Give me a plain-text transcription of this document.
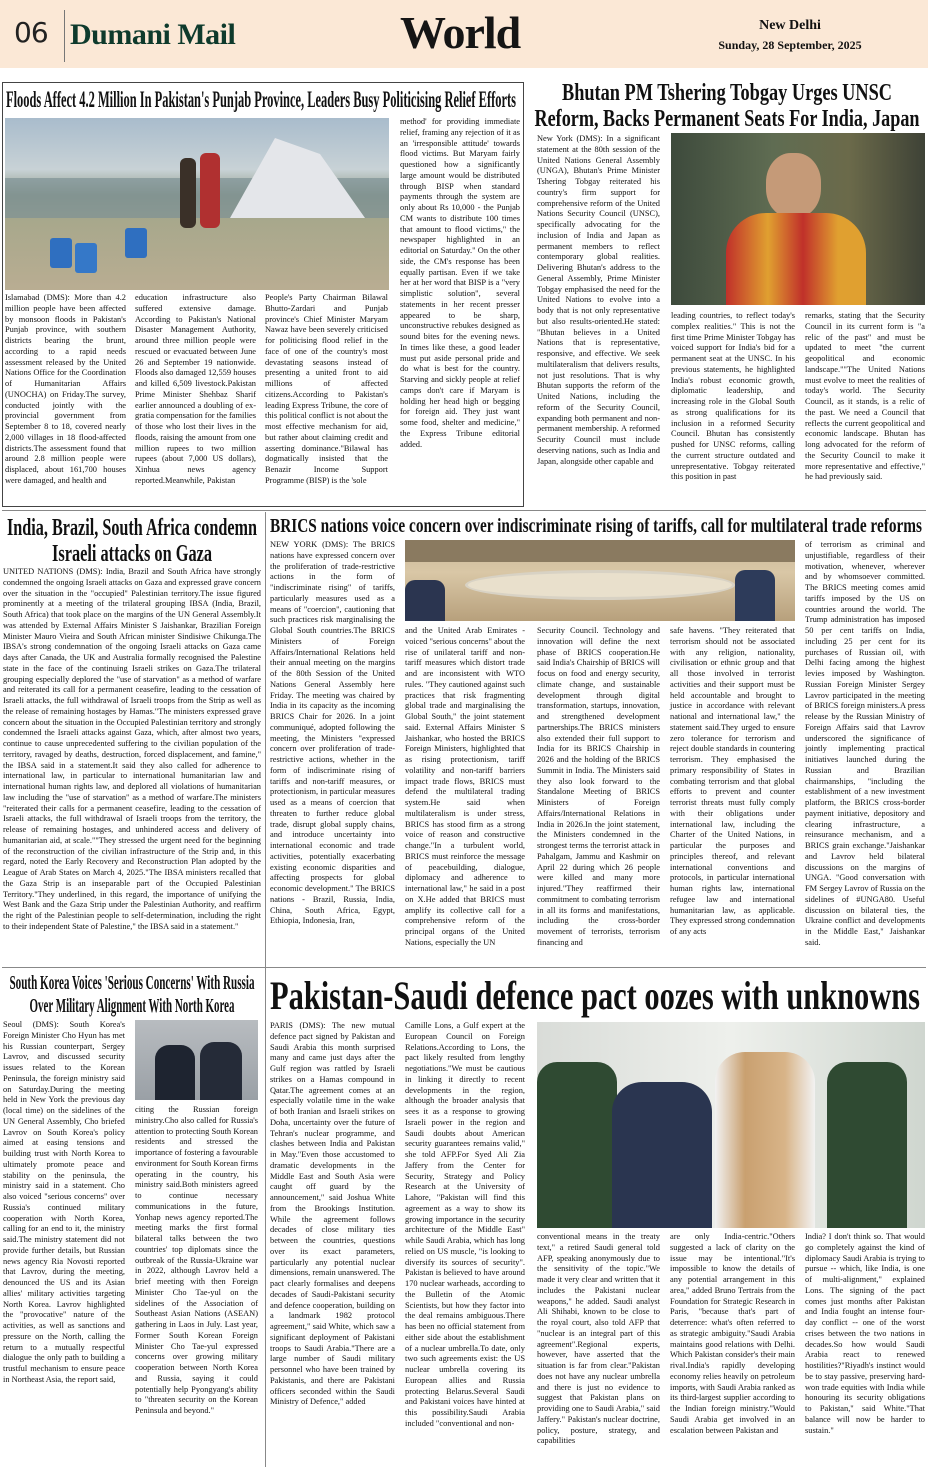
06 Dumani Mail	World	New Delhi
Sunday, 28 September, 2025
Floods Affect 4.2 Million In Pakistan's Punjab Province, Leaders Busy Politicising Relief Efforts
Islamabad (DMS): More than 4.2 million people have been affected by monsoon floods in Pakistan's Punjab province, with southern districts bearing the brunt, according to a rapid needs assessment released by the United Nations Office for the Coordination of Humanitarian Affairs (UNOCHA) on Friday.The survey, conducted jointly with the provincial government from September 8 to 18, covered nearly 2,000 villages in 18 flood-affected districts.The assessment found that around 2.8 million people were displaced, about 161,700 houses were damaged, and health and
education infrastructure also suffered extensive damage. According to Pakistan's National Disaster Management Authority, around three million people were rescued or evacuated between June 26 and September 19 nationwide. Floods also damaged 12,559 houses and killed 6,509 livestock.Pakistan Prime Minister Shehbaz Sharif earlier announced a doubling of ex-gratia compensation for the families of those who lost their lives in the floods, raising the amount from one million rupees to two million rupees (about 7,000 US dollars), Xinhua news agency reported.Meanwhile, Pakistan
People's Party Chairman Bilawal Bhutto-Zardari and Punjab province's Chief Minister Maryam Nawaz have been severely criticised for politicising flood relief in the face of one of the country's most devastating seasons instead of presenting a united front to aid millions of affected citizens.According to Pakistan's leading Express Tribune, the core of this political conflict is not about the most effective mechanism for aid, but rather about claiming credit and asserting dominance."Bilawal has dogmatically insisted that the Benazir Income Support Programme (BISP) is the 'sole
method' for providing immediate relief, framing any rejection of it as an 'irresponsible attitude' towards flood victims. But Maryam fairly questioned how a significantly large amount would be distributed through BISP when standard payments through the system are only about Rs 10,000 - the Punjab CM wants to distribute 100 times that amount to flood victims," the newspaper highlighted in an editorial on Saturday." On the other side, the CM's response has been equally partisan. Even if we take her at her word that BISP is a "very simplistic solution", several statements in her recent presser appeared to be sharp, unconstructive rebukes designed as sound bites for the evening news. In times like these, a good leader must put aside personal pride and do what is best for the country. Starving and sickly people at relief camps don't care if Maryam is holding her head high or begging for foreign aid. They just want some food, shelter and medicine," the Express Tribune editorial added.
Bhutan PM Tshering Tobgay Urges UNSC
Reform, Backs Permanent Seats For India, Japan
New York (DMS): In a significant statement at the 80th session of the United Nations General Assembly (UNGA), Bhutan's Prime Minister Tshering Tobgay reiterated his country's firm support for comprehensive reform of the United Nations Security Council (UNSC), specifically advocating for the inclusion of India and Japan as permanent members to reflect contemporary global realities. Delivering Bhutan's address to the General Assembly, Prime Minister Tobgay emphasised the need for the United Nations to evolve into a body that is not only representative but also results-oriented.He stated: "Bhutan believes in a United Nations that is representative, responsive, and effective. We seek multilateralism that delivers results, not just resolutions. That is why Bhutan supports the reform of the United Nations, including the reform of the Security Council, expanding both permanent and non-permanent membership. A reformed Security Council must include deserving nations, such as India and Japan, alongside other capable and
leading countries, to reflect today's complex realities." This is not the first time Prime Minister Tobgay has voiced support for India's bid for a permanent seat at the UNSC. In his previous statements, he highlighted India's robust economic growth, diplomatic leadership, and increasing role in the Global South as strong qualifications for its inclusion in a reformed Security Council. Bhutan has consistently pushed for UNSC reforms, calling the current structure outdated and unrepresentative. Tobgay reiterated this position in past
remarks, stating that the Security Council in its current form is "a relic of the past" and must be updated to meet "the current geopolitical and economic landscape.""The United Nations must evolve to meet the realities of today's world. The Security Council, as it stands, is a relic of the past. We need a Council that reflects the current geopolitical and economic landscape. Bhutan has long advocated for the reform of the Security Council to make it more representative and effective," he had previously said.
India, Brazil, South Africa condemn
Israeli attacks on Gaza
UNITED NATIONS (DMS): India, Brazil and South Africa have strongly condemned the ongoing Israeli attacks on Gaza and expressed grave concern over the situation in the "occupied" Palestinian territory.The issue figured prominently at a meeting of the trilateral grouping IBSA (India, Brazil, South Africa) that took place on the margins of the UN General Assembly.It was attended by External Affairs Minister S Jaishankar, Brazilian Foreign Minister Mauro Vieira and South African minister Sindisiwe Chikunga.The IBSA's strong condemnation of the ongoing Israeli attacks on Gaza came days after Canada, the UK and Australia formally recognised the Palestine state in the face of the continuing Israeli strikes on Gaza.The trilateral grouping especially deplored the "use of starvation" as a method of warfare and reiterated its call for a permanent ceasefire, leading to the cessation of Israeli attacks, the full withdrawal of Israeli troops from the Strip as well as the release of remaining hostages by Hamas."The ministers expressed grave concern about the situation in the Occupied Palestinian territory and strongly condemned the Israeli attacks against Gaza, which, after almost two years, continue to cause unprecedented suffering to the civilian population of the territory, ravaged by deaths, destruction, forced displacement, and famine," the IBSA said in a statement.It said they also called for adherence to international law, in particular to international humanitarian law and international human rights law, and deplored all violations of humanitarian law including the "use of starvation" as a method of warfare.The ministers "reiterated their calls for a permanent ceasefire, leading to the cessation of Israeli attacks, the full withdrawal of Israeli troops from the territory, the release of remaining hostages, and unhindered access and delivery of humanitarian aid, at scale.""They stressed the urgent need for the beginning of the reconstruction of the civilian infrastructure of the Strip and, in this regard, noted the Early Recovery and Reconstruction Plan adopted by the League of Arab States on March 4, 2025."The IBSA ministers recalled that the Gaza Strip is an inseparable part of the Occupied Palestinian Territory."They underlined, in this regard, the importance of unifying the West Bank and the Gaza Strip under the Palestinian Authority, and reaffirm the right of the Palestinian people to self-determination, including the right to their independent State of Palestine," the IBSA said in a statement."
BRICS nations voice concern over indiscriminate rising of tariffs, call for multilateral trade reforms
NEW YORK (DMS): The BRICS nations have expressed concern over the proliferation of trade-restrictive actions in the form of "indiscriminate rising" of tariffs, particularly measures used as a means of "coercion", cautioning that such practices risk marginalising the Global South countries.The BRICS Ministers of Foreign Affairs/International Relations held their annual meeting on the margins of the 80th Session of the United Nations General Assembly here Friday. The meeting was chaired by India in its capacity as the incoming BRICS Chair for 2026. In a joint communiqué, adopted following the meeting, the Ministers "expressed concern over proliferation of trade-restrictive actions, whether in the form of indiscriminate rising of tariffs and non-tariff measures, or protectionism, in particular measures used as a means of coercion that threaten to further reduce global trade, disrupt global supply chains, and introduce uncertainty into international economic and trade activities, potentially exacerbating existing economic disparities and affecting prospects for global economic development." The BRICS nations - Brazil, Russia, India, China, South Africa, Egypt, Ethiopia, Indonesia, Iran,
and the United Arab Emirates - voiced "serious concerns" about the rise of unilateral tariff and non-tariff measures which distort trade and are inconsistent with WTO rules. "They cautioned against such practices that risk fragmenting global trade and marginalising the Global South," the joint statement said. External Affairs Minister S Jaishankar, who hosted the BRICS Foreign Ministers, highlighted that as rising protectionism, tariff volatility and non-tariff barriers impact trade flows, BRICS must defend the multilateral trading system.He said when multilateralism is under stress, BRICS has stood firm as a strong voice of reason and constructive change."In a turbulent world, BRICS must reinforce the message of peacebuilding, dialogue, diplomacy and adherence to international law," he said in a post on X.He added that BRICS must amplify its collective call for a comprehensive reform of the principal organs of the United Nations, especially the UN
Security Council. Technology and innovation will define the next phase of BRICS cooperation.He said India's Chairship of BRICS will focus on food and energy security, climate change, and sustainable development through digital transformation, startups, innovation, and strengthened development partnerships.The BRICS ministers also extended their full support to India for its BRICS Chairship in 2026 and the holding of the BRICS Summit in India. The Ministers said they also look forward to the Standalone Meeting of BRICS Ministers of Foreign Affairs/International Relations in India in 2026.In the joint statement, the Ministers condemned in the strongest terms the terrorist attack in Pahalgam, Jammu and Kashmir on April 22 during which 26 people were killed and many more injured."They reaffirmed their commitment to combating terrorism in all its forms and manifestations, including the cross-border movement of terrorists, terrorism financing and
safe havens. "They reiterated that terrorism should not be associated with any religion, nationality, civilisation or ethnic group and that all those involved in terrorist activities and their support must be held accountable and brought to justice in accordance with relevant national and international law," the statement said.They urged to ensure zero tolerance for terrorism and reject double standards in countering terrorism. They emphasised the primary responsibility of States in combating terrorism and that global efforts to prevent and counter terrorist threats must fully comply with their obligations under international law, including the Charter of the United Nations, in particular the purposes and principles thereof, and relevant international conventions and protocols, in particular international human rights law, international refugee law and international humanitarian law, as applicable. They expressed strong condemnation of any acts
of terrorism as criminal and unjustifiable, regardless of their motivation, whenever, wherever and by whomsoever committed. The BRICS meeting comes amid tariffs imposed by the US on countries around the world. The Trump administration has imposed 50 per cent tariffs on India, including 25 per cent for its purchases of Russian oil, with Delhi facing among the highest levies imposed by Washington. Russian Foreign Minister Sergey Lavrov participated in the meeting of BRICS foreign ministers.A press release by the Russian Ministry of Foreign Affairs said that Lavrov underscored the significance of jointly implementing practical initiatives launched during the Russian and Brazilian chairmanships, "including the establishment of a new investment platform, the BRICS cross-border payment initiative, depository and clearing infrastructure, a reinsurance mechanism, and a BRICS grain exchange."Jaishankar and Lavrov held bilateral discussions on the margins of UNGA. "Good conversation with FM Sergey Lavrov of Russia on the sidelines of #UNGA80. Useful discussion on bilateral ties, the Ukraine conflict and developments in the Middle East," Jaishankar said.
South Korea Voices 'Serious Concerns' With Russia
Over Military Alignment With North Korea
Seoul (DMS): South Korea's Foreign Minister Cho Hyun has met his Russian counterpart, Sergey Lavrov, and discussed security issues related to the Korean Peninsula, the foreign ministry said on Saturday.During the meeting held in New York the previous day (local time) on the sidelines of the UN General Assembly, Cho briefed Lavrov on South Korea's policy aimed at easing tensions and building trust with North Korea to ultimately promote peace and stability on the peninsula, the ministry said in a statement. Cho also voiced "serious concerns" over Russia's continued military cooperation with North Korea, calling for an end to it, the ministry said.The ministry statement did not provide further details, but Russian news agency Ria Novosti reported that Lavrov, during the meeting, denounced the US and its Asian allies' military activities targeting North Korea. Lavrov highlighted the "provocative" nature of the activities, as well as sanctions and pressure on the North, calling the return to a mutually respectful dialogue the only path to building a trustful mechanism to ensure peace in Northeast Asia, the report said,
citing the Russian foreign ministry.Cho also called for Russia's attention to protecting South Korean residents and stressed the importance of fostering a favourable environment for South Korean firms operating in the country, his ministry said.Both ministers agreed to continue necessary communications in the future, Yonhap news agency reported.The meeting marks the first formal bilateral talks between the two countries' top diplomats since the outbreak of the Russia-Ukraine war in 2022, although Lavrov held a brief meeting with then Foreign Minister Cho Tae-yul on the sidelines of the Association of Southeast Asian Nations (ASEAN) gathering in Laos in July. Last year, Former South Korean Foreign Minister Cho Tae-yul expressed concerns over growing military cooperation between North Korea and Russia, saying it could potentially help Pyongyang's ability to "threaten security on the Korean Peninsula and beyond."
Pakistan-Saudi defence pact oozes with unknowns
PARIS (DMS): The new mutual defence pact signed by Pakistan and Saudi Arabia this month surprised many and came just days after the Gulf region was rattled by Israeli strikes on a Hamas compound in Qatar.The agreement comes at an especially volatile time in the wake of both Iranian and Israeli strikes on Doha, uncertainty over the future of Tehran's nuclear programme, and clashes between India and Pakistan in May."Even those accustomed to dramatic developments in the Middle East and South Asia were caught off guard by the announcement," said Joshua White from the Brookings Institution. While the agreement follows decades of close military ties between the countries, questions over its exact parameters, particularly any potential nuclear dimensions, remain unanswered. The pact clearly formalises and deepens decades of Saudi-Pakistani security and defence cooperation, building on a landmark 1982 protocol agreement," said White, which saw a significant deployment of Pakistani troops to Saudi Arabia."There are a large number of Saudi military personnel who have been trained by Pakistanis, and there are Pakistani officers seconded within the Saudi Ministry of Defence," added
Camille Lons, a Gulf expert at the European Council on Foreign Relations.According to Lons, the pact likely resulted from lengthy negotiations."We must be cautious in linking it directly to recent developments in the region, although the broader analysis that sees it as a response to growing Israeli power in the region and Saudi doubts about American security guarantees remains valid," she told AFP.For Syed Ali Zia Jaffery from the Center for Security, Strategy and Policy Research at the University of Lahore, "Pakistan will find this agreement as a way to show its growing importance in the security architecture of the Middle East" while Saudi Arabia, which has long relied on US muscle, "is looking to diversify its sources of security". Pakistan is believed to have around 170 nuclear warheads, according to the Bulletin of the Atomic Scientists, but how they factor into the deal remains ambiguous.There has been no official statement from either side about the establishment of a nuclear umbrella.To date, only two such agreements exist: the US nuclear umbrella covering its European allies and Russia protecting Belarus.Several Saudi and Pakistani voices have hinted at this possibility.Saudi Arabia included "conventional and non-
conventional means in the treaty text," a retired Saudi general told AFP, speaking anonymously due to the sensitivity of the topic."We made it very clear and written that it includes the Pakistani nuclear weapons," he added. Saudi analyst Ali Shihabi, known to be close to the royal court, also told AFP that "nuclear is an integral part of this agreement".Regional experts, however, have asserted that the situation is far from clear."Pakistan does not have any nuclear umbrella and there is just no evidence to suggest that Pakistan plans on providing one to Saudi Arabia," said Jaffery." Pakistan's nuclear doctrine, policy, posture, strategy, and capabilities
are only India-centric."Others suggested a lack of clarity on the issue may be intentional."It's impossible to know the details of any potential arrangement in this area," added Bruno Tertrais from the Foundation for Strategic Research in Paris, "because that's part of deterrence: what's often referred to as strategic ambiguity."Saudi Arabia maintains good relations with Delhi. Which Pakistan consider's their main rival.India's rapidly developing economy relies heavily on petroleum imports, with Saudi Arabia ranked as its third-largest supplier according to the Indian foreign ministry."Would Saudi Arabia get involved in an escalation between Pakistan and
India? I don't think so. That would go completely against the kind of diplomacy Saudi Arabia is trying to pursue -- which, like India, is one of multi-alignment," explained Lons. The signing of the pact comes just months after Pakistan and India fought an intense four-day conflict -- one of the worst crises between the two nations in decades.So how would Saudi Arabia react to renewed hostilities?"Riyadh's instinct would be to stay passive, preserving hard-won trade equities with India while honouring its security obligations to Pakistan," said White."That balance will now be harder to sustain."
